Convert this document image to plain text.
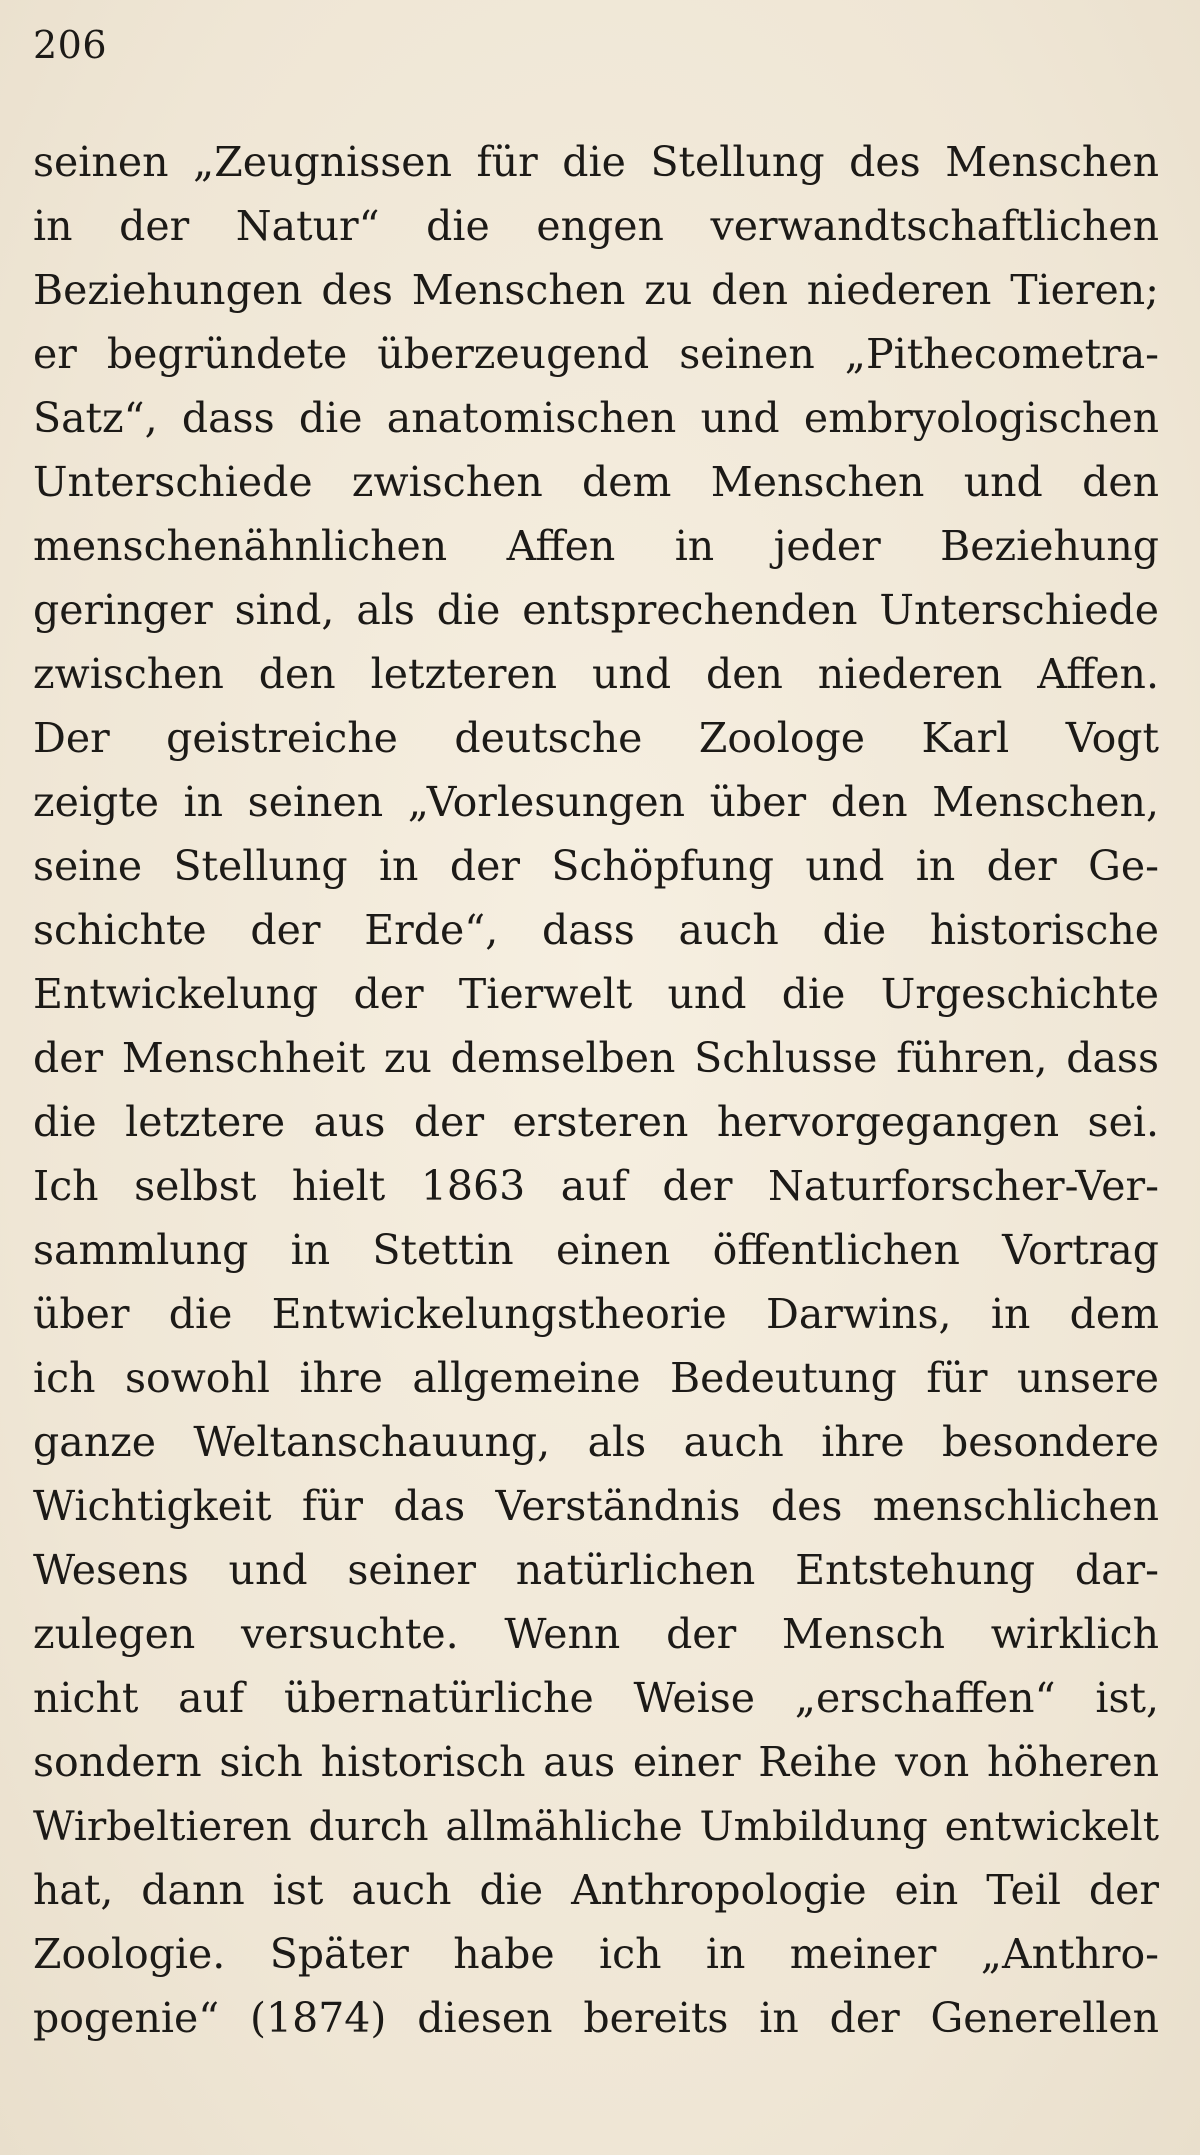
206
seinen „Zeugnissen für die Stellung des Menschen
in der Natur“ die engen verwandtschaftlichen
Beziehungen des Menschen zu den niederen Tieren;
er begründete überzeugend seinen „Pithecometra-
Satz“, dass die anatomischen und embryologischen
Unterschiede zwischen dem Menschen und den
menschenähnlichen Affen in jeder Beziehung
geringer sind, als die entsprechenden Unterschiede
zwischen den letzteren und den niederen Affen.
Der geistreiche deutsche Zoologe Karl Vogt
zeigte in seinen „Vorlesungen über den Menschen,
seine Stellung in der Schöpfung und in der Ge-
schichte der Erde“, dass auch die historische
Entwickelung der Tierwelt und die Urgeschichte
der Menschheit zu demselben Schlusse führen, dass
die letztere aus der ersteren hervorgegangen sei.
Ich selbst hielt 1863 auf der Naturforscher-Ver-
sammlung in Stettin einen öffentlichen Vortrag
über die Entwickelungstheorie Darwins, in dem
ich sowohl ihre allgemeine Bedeutung für unsere
ganze Weltanschauung, als auch ihre besondere
Wichtigkeit für das Verständnis des menschlichen
Wesens und seiner natürlichen Entstehung dar-
zulegen versuchte. Wenn der Mensch wirklich
nicht auf übernatürliche Weise „erschaffen“ ist,
sondern sich historisch aus einer Reihe von höheren
Wirbeltieren durch allmähliche Umbildung entwickelt
hat, dann ist auch die Anthropologie ein Teil der
Zoologie. Später habe ich in meiner „Anthro-
pogenie“ (1874) diesen bereits in der Generellen
